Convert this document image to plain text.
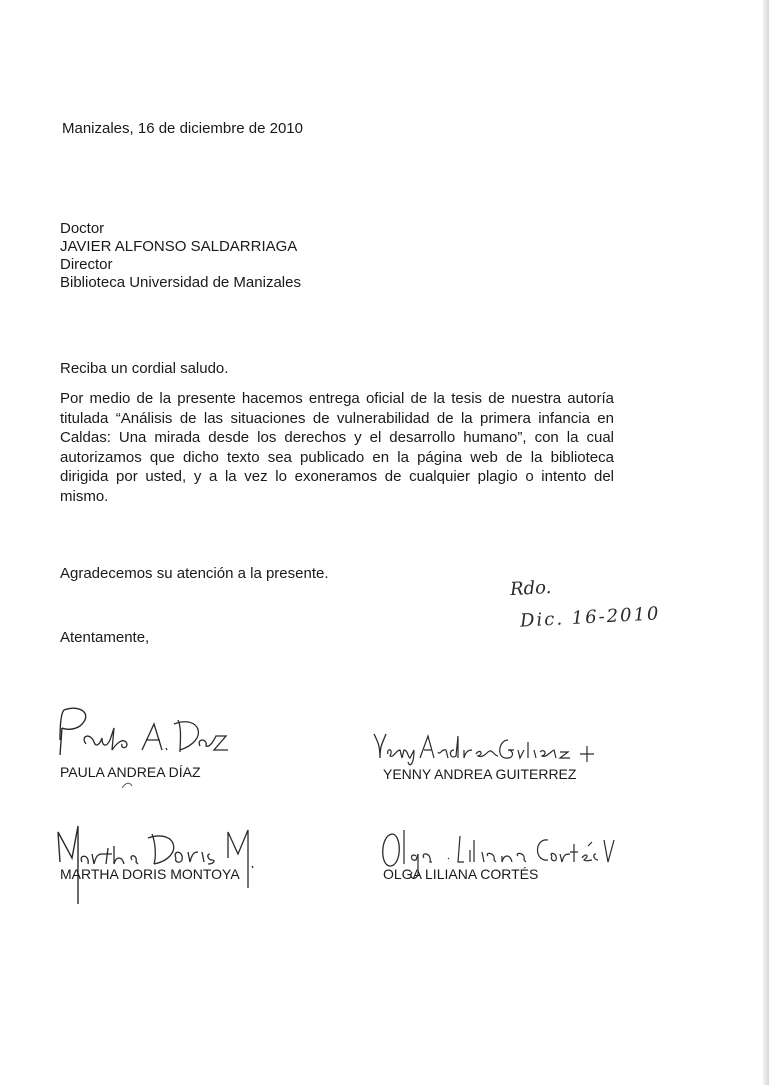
Manizales, 16 de diciembre de 2010
Doctor
JAVIER ALFONSO SALDARRIAGA
Director
Biblioteca Universidad de Manizales
Reciba un cordial saludo.
Por medio de la presente hacemos entrega oficial de la tesis de nuestra autoría titulada “Análisis de las situaciones de vulnerabilidad de la primera infancia en Caldas: Una mirada desde los derechos y el desarrollo humano”, con la cual autorizamos que dicho texto sea publicado en la página web de la biblioteca dirigida por usted, y a la vez lo exoneramos de cualquier plagio o intento del mismo.
Agradecemos su atención a la presente.
Rdo.
Dic. 16-2010
Atentamente,
PAULA ANDREA DÍAZ	YENNY ANDREA GUITERREZ
MARTHA DORIS MONTOYA	OLGA LILIANA CORTÉS
